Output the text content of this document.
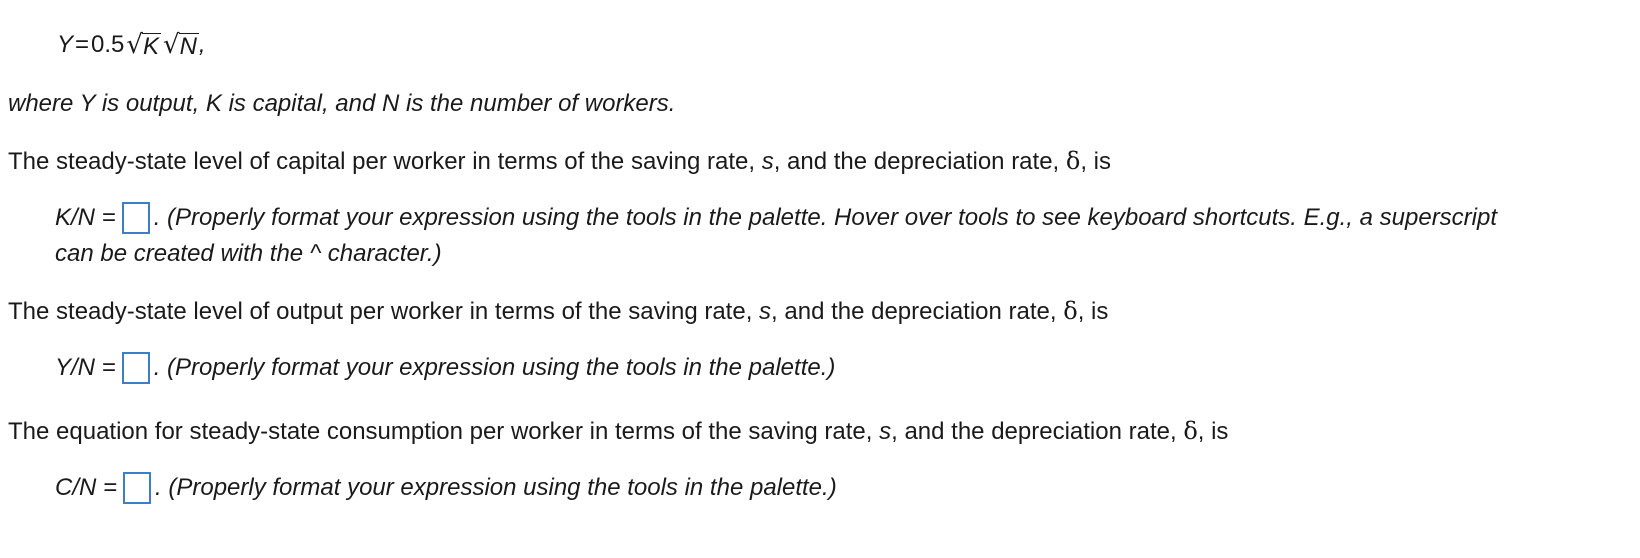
Y = 0.5 √ K √ N ,
where Y is output, K is capital, and N is the number of workers.
The steady-state level of capital per worker in terms of the saving rate, s, and the depreciation rate, δ, is
K/N = . (Properly format your expression using the tools in the palette. Hover over tools to see keyboard shortcuts. E.g., a superscript
can be created with the ^ character.)
The steady-state level of output per worker in terms of the saving rate, s, and the depreciation rate, δ, is
Y/N = . (Properly format your expression using the tools in the palette.)
The equation for steady-state consumption per worker in terms of the saving rate, s, and the depreciation rate, δ, is
C/N = . (Properly format your expression using the tools in the palette.)
